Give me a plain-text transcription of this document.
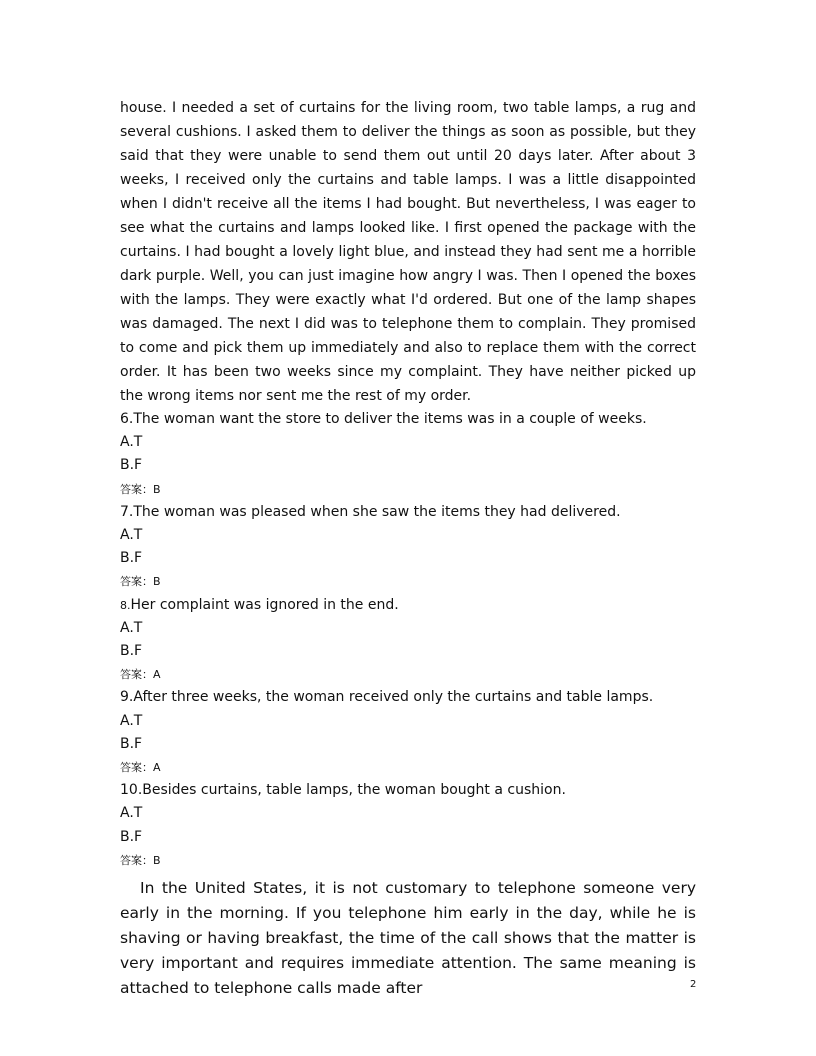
house. I needed a set of curtains for the living room, two table lamps, a rug and several cushions. I asked them to deliver the things as soon as possible, but they said that they were unable to send them out until 20 days later. After about 3 weeks, I received only the curtains and table lamps. I was a little disappointed when I didn't receive all the items I had bought. But nevertheless, I was eager to see what the curtains and lamps looked like. I first opened the package with the curtains. I had bought a lovely light blue, and instead they had sent me a horrible dark purple. Well, you can just imagine how angry I was. Then I opened the boxes with the lamps. They were exactly what I'd ordered. But one of the lamp shapes was damaged. The next I did was to telephone them to complain. They promised to come and pick them up immediately and also to replace them with the correct order. It has been two weeks since my complaint. They have neither picked up the wrong items nor sent me the rest of my order.

6.The woman want the store to deliver the items was in a couple of weeks.

A.T

B.F

答案：B

7.The woman was pleased when she saw the items they had delivered.

A.T

B.F

答案：B

8.Her complaint was ignored in the end.

A.T

B.F

答案：A

9.After three weeks, the woman received only the curtains and table lamps.

A.T

B.F

答案：A

10.Besides curtains, table lamps, the woman bought a cushion.

A.T

B.F

答案：B

In the United States, it is not customary to telephone someone very early in the morning. If you telephone him early in the day, while he is shaving or having breakfast, the time of the call shows that the matter is very important and requires immediate attention. The same meaning is attached to telephone calls made after	2
